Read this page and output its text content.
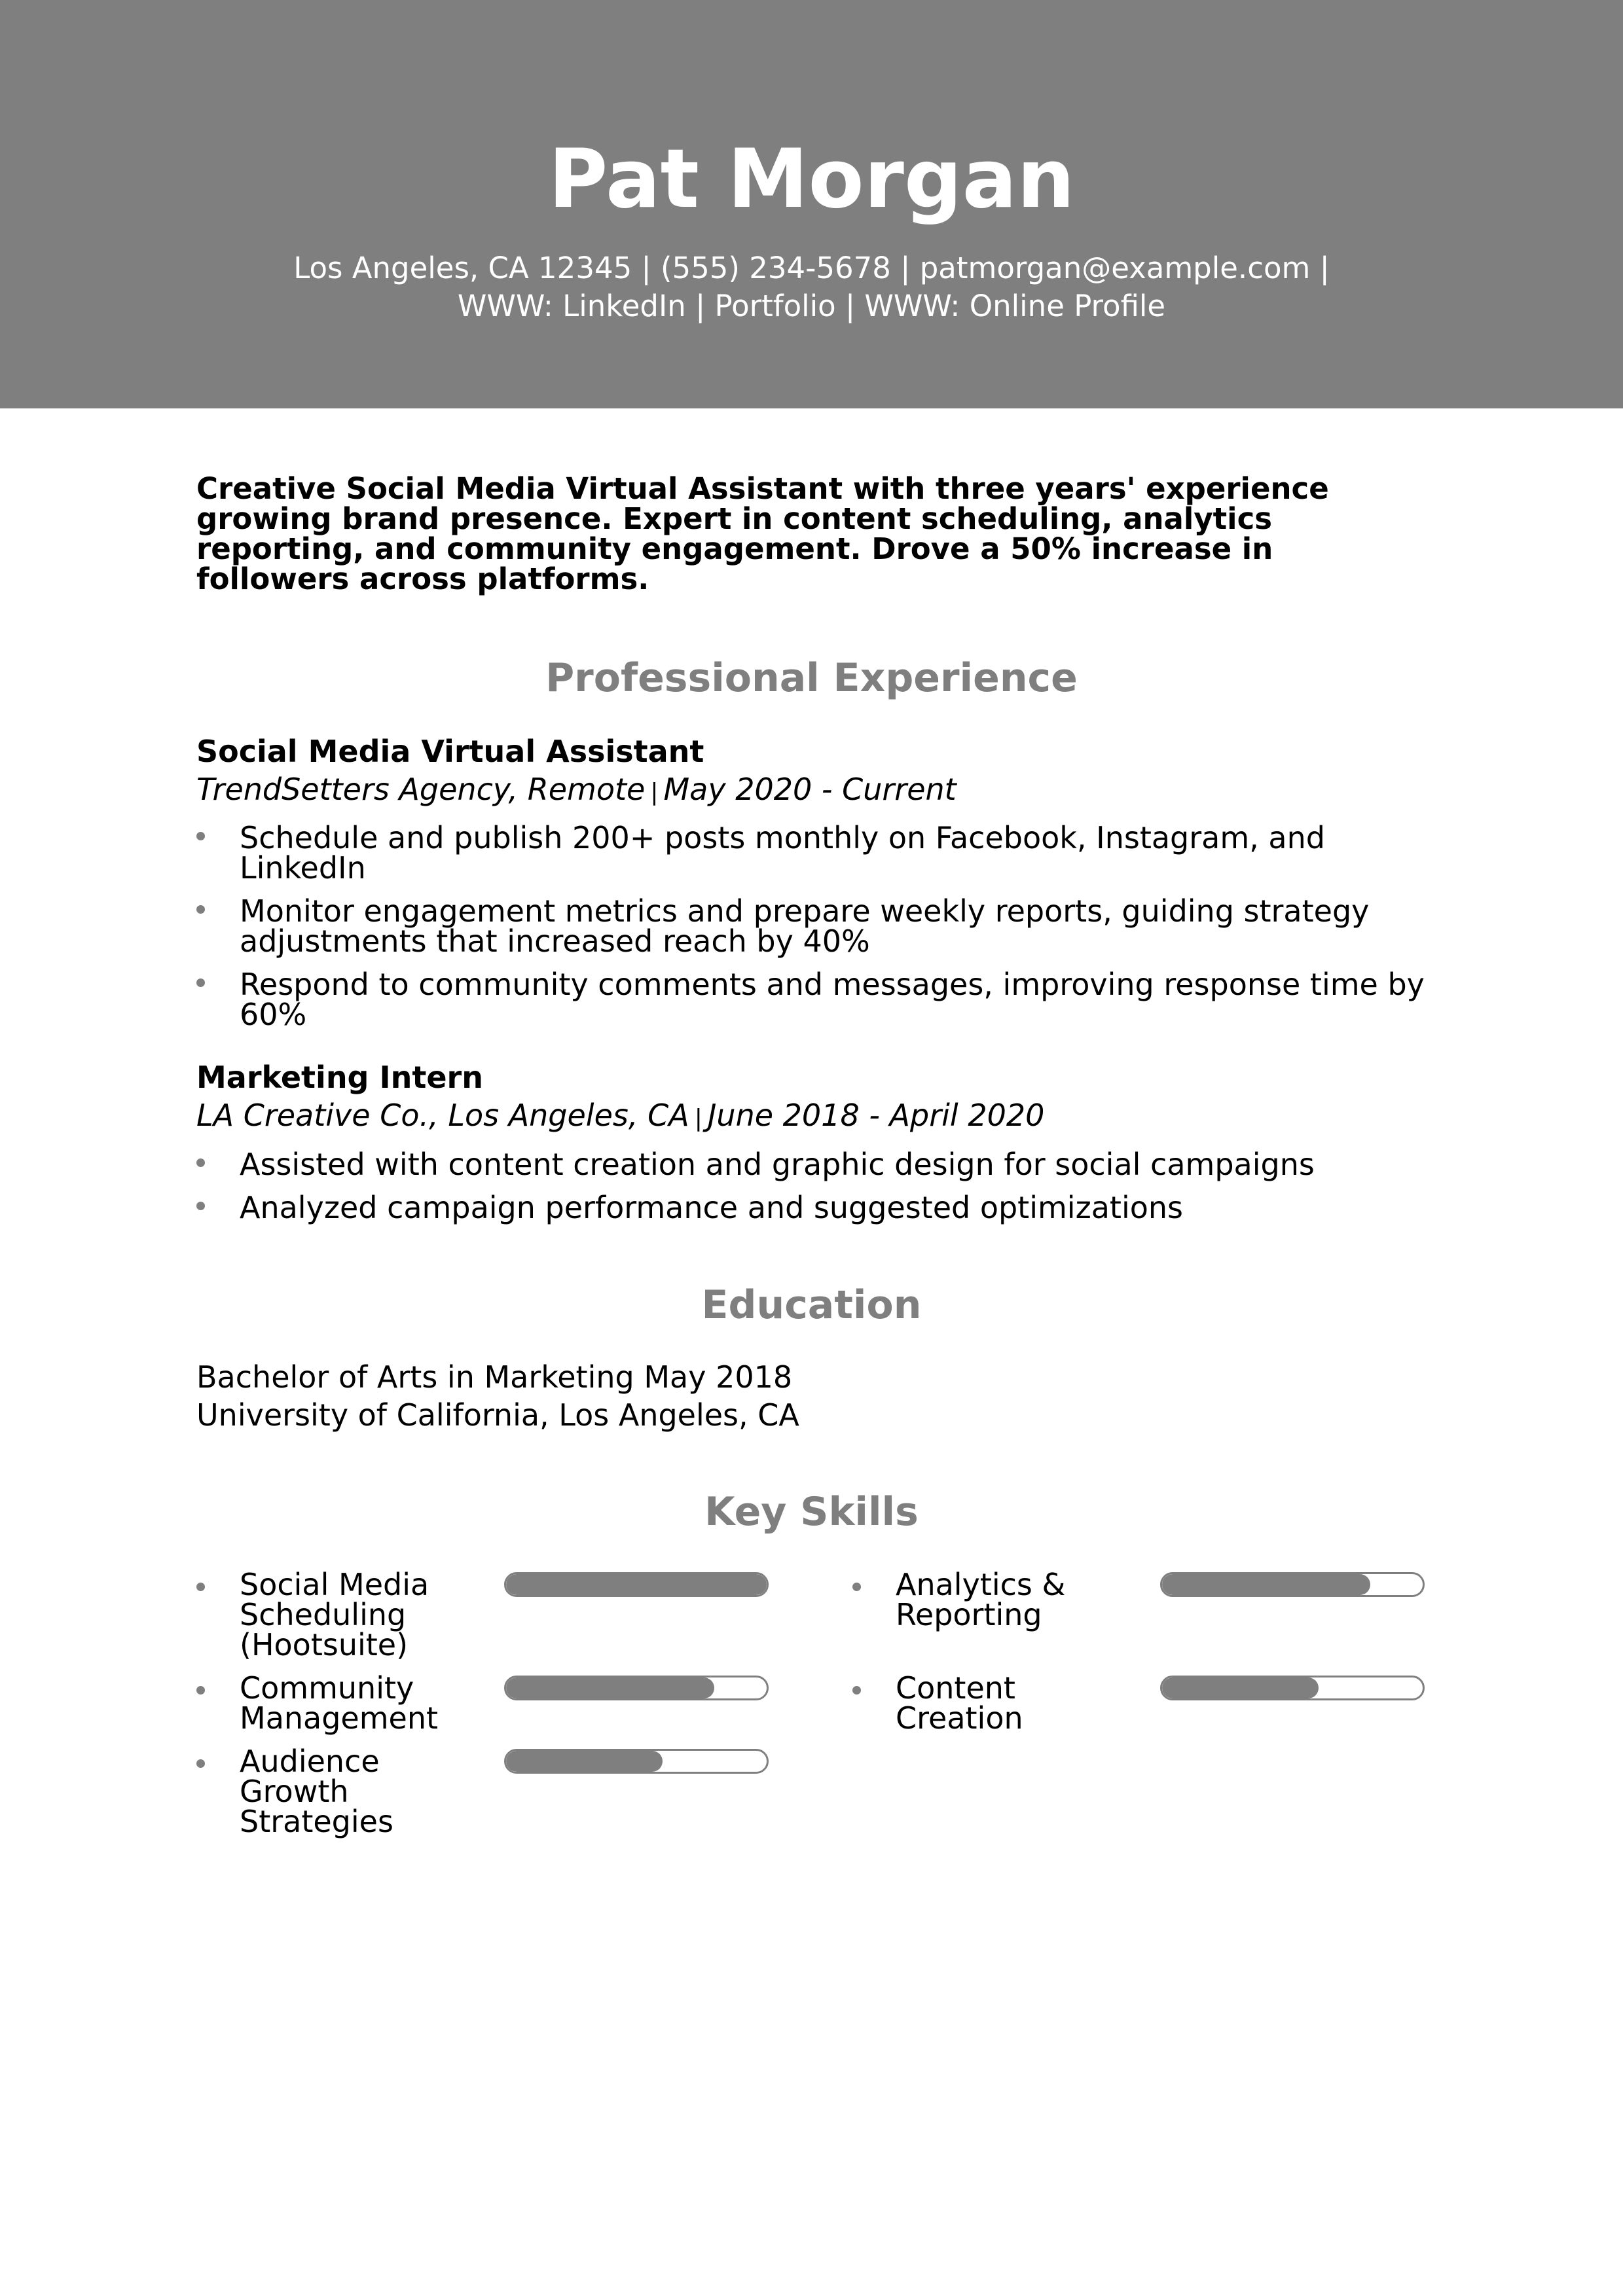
Pat Morgan
Los Angeles, CA 12345 | (555) 234-5678 | patmorgan@example.com |
WWW: LinkedIn | Portfolio | WWW: Online Profile
Creative Social Media Virtual Assistant with three years' experience growing brand presence. Expert in content scheduling, analytics reporting, and community engagement. Drove a 50% increase in followers across platforms.
Professional Experience
Social Media Virtual Assistant
TrendSetters Agency, Remote | May 2020 - Current
Schedule and publish 200+ posts monthly on Facebook, Instagram, and LinkedIn
Monitor engagement metrics and prepare weekly reports, guiding strategy adjustments that increased reach by 40%
Respond to community comments and messages, improving response time by 60%
Marketing Intern
LA Creative Co., Los Angeles, CA | June 2018 - April 2020
Assisted with content creation and graphic design for social campaigns
Analyzed campaign performance and suggested optimizations
Education
Bachelor of Arts in Marketing May 2018
University of California, Los Angeles, CA
Key Skills
Social Media Scheduling (Hootsuite)
Analytics & Reporting
Community Management
Content Creation
Audience Growth Strategies
